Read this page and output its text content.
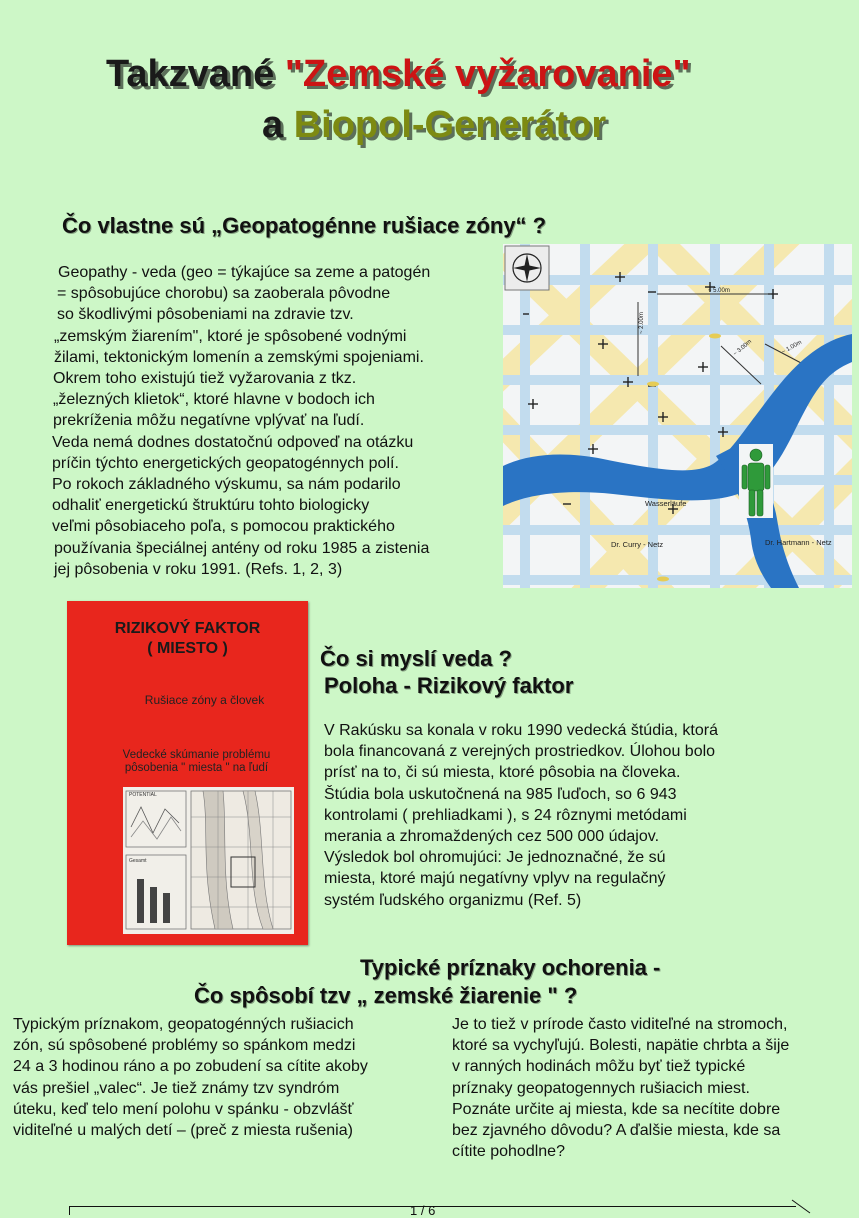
Takzvané "Zemské vyžarovanie"
a Biopol-Generátor
Čo vlastne sú „Geopatogénne rušiace zóny“ ?
Geopathy - veda (geo = týkajúce sa zeme a patogén
= spôsobujúce chorobu) sa zaoberala pôvodne
so škodlivými pôsobeniami na zdravie tzv.
„zemským žiarením", ktoré je spôsobené vodnými
žilami, tektonickým lomenín a zemskými spojeniami.
Okrem toho existujú tiež vyžarovania z tkz.
„železných klietok“, ktoré hlavne v bodoch ich
prekríženia môžu negatívne vplývať na ľudí.
Veda nemá dodnes dostatočnú odpoveď na otázku
príčin týchto energetických geopatogénnych polí.
Po rokoch základného výskumu, sa nám podarilo
odhaliť energetickú štruktúru tohto biologicky
veľmi pôsobiaceho poľa, s pomocou praktického
používania špeciálnej antény od roku 1985 a zistenia
jej pôsobenia v roku 1991. (Refs. 1, 2, 3)
Wasserläufe
Dr. Curry - Netz	Dr. Hartmann - Netz
~ 5.00m
~ 2.00m
~ 3.00m	~ 1.00m
RIZIKOVÝ FAKTOR
( MIESTO )
Rušiace zóny a človek
Vedecké skúmanie problému
pôsobenia " miesta " na ľudí
POTENTIAL
Gesamt
Čo si myslí veda ?
Poloha - Rizikový faktor
V Rakúsku sa konala v roku 1990 vedecká štúdia, ktorá
bola financovaná z verejných prostriedkov. Úlohou bolo
prísť na to, či sú miesta, ktoré pôsobia na človeka.
Štúdia bola uskutočnená na 985 ľuďoch, so 6 943
kontrolami ( prehliadkami ), s 24 rôznymi metódami
merania a zhromaždených cez 500 000 údajov.
Výsledok bol ohromujúci: Je jednoznačné, že sú
miesta, ktoré majú negatívny vplyv na regulačný
systém ľudského organizmu (Ref. 5)
Typické príznaky ochorenia -
Čo spôsobí tzv „ zemské žiarenie " ?
Typickým príznakom, geopatogénných rušiacich
zón, sú spôsobené problémy so spánkom medzi
24 a 3 hodinou ráno a po zobudení sa cítite akoby
vás prešiel „valec“. Je tiež známy tzv syndróm
úteku, keď telo mení polohu v spánku - obzvlášť
viditeľné u malých detí – (preč z miesta rušenia)
Je to tiež v prírode často viditeľné na stromoch,
ktoré sa vychyľujú. Bolesti, napätie chrbta a šije
v ranných hodinách môžu byť tiež typické
príznaky geopatogennych rušiacich miest.
Poznáte určite aj miesta, kde sa necítite dobre
bez zjavného dôvodu? A ďalšie miesta, kde sa
cítite pohodlne?
1 / 6
